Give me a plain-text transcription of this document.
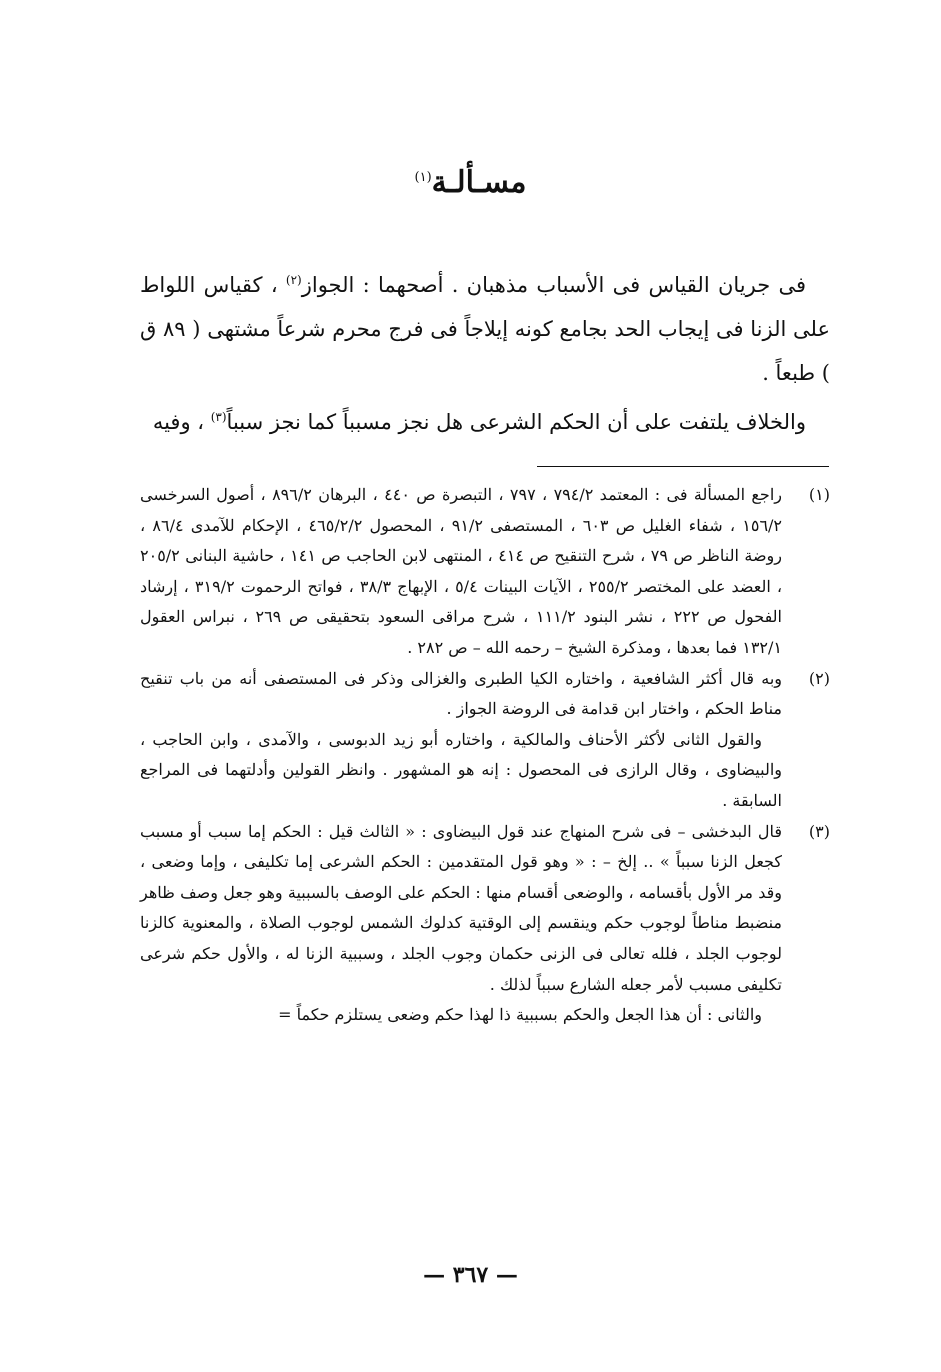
مسـألـة$^{(١)}$

فى جريان القياس فى الأسباب مذهبان . أصحهما : الجواز$^{(٢)}$ ، كقياس اللواط على الزنا فى إيجاب الحد بجامع كونه إيلاجاً فى فرج محرم شرعاً مشتهى ( ٨٩ ق ) طبعاً .

والخلاف يلتفت على أن الحكم الشرعى هل نجز مسبباً كما نجز سبباً$^{(٣)}$ ، وفيه

(١)

راجع المسألة فى : المعتمد ٧٩٤/٢ ، ٧٩٧ ، التبصرة ص ٤٤٠ ، البرهان ٨٩٦/٢ ، أصول السرخسى ١٥٦/٢ ، شفاء الغليل ص ٦٠٣ ، المستصفى ٩١/٢ ، المحصول ٤٦٥/٢/٢ ، الإحكام للآمدى ٨٦/٤ ، روضة الناظر ص ٧٩ ، شرح التنقيح ص ٤١٤ ، المنتهى لابن الحاجب ص ١٤١ ، حاشية البنانى ٢٠٥/٢ ، العضد على المختصر ٢٥٥/٢ ، الآيات البينات ٥/٤ ، الإبهاج ٣٨/٣ ، فواتح الرحموت ٣١٩/٢ ، إرشاد الفحول ص ٢٢٢ ، نشر البنود ١١١/٢ ، شرح مراقى السعود بتحقيقى ص ٢٦٩ ، نبراس العقول ١٣٢/١ فما بعدها ، ومذكرة الشيخ – رحمه الله – ص ٢٨٢ .

(٢)

وبه قال أكثر الشافعية ، واختاره الكيا الطبرى والغزالى وذكر فى المستصفى أنه من باب تنقيح مناط الحكم ، واختار ابن قدامة فى الروضة الجواز .

والقول الثانى لأكثر الأحناف والمالكية ، واختاره أبو زيد الدبوسى ، والآمدى ، وابن الحاجب ، والبيضاوى ، وقال الرازى فى المحصول : إنه هو المشهور . وانظر القولين وأدلتهما فى المراجع السابقة .

(٣)

قال البدخشى – فى شرح المنهاج عند قول البيضاوى : « الثالث قيل : الحكم إما سبب أو مسبب كجعل الزنا سبباً » .. إلخ – : « وهو قول المتقدمين : الحكم الشرعى إما تكليفى ، وإما وضعى ، وقد مر الأول بأقسامه ، والوضعى أقسام منها : الحكم على الوصف بالسببية وهو جعل وصف ظاهر منضبط مناطاً لوجوب حكم وينقسم إلى الوقتية كدلوك الشمس لوجوب الصلاة ، والمعنوية كالزنا لوجوب الجلد ، فلله تعالى فى الزنى حكمان وجوب الجلد ، وسببية الزنا له ، والأول حكم شرعى تكليفى مسبب لأمر جعله الشارع سبباً لذلك .

والثانى : أن هذا الجعل والحكم بسببية ذا لهذا حكم وضعى يستلزم حكماً =

— ٣٦٧ —
